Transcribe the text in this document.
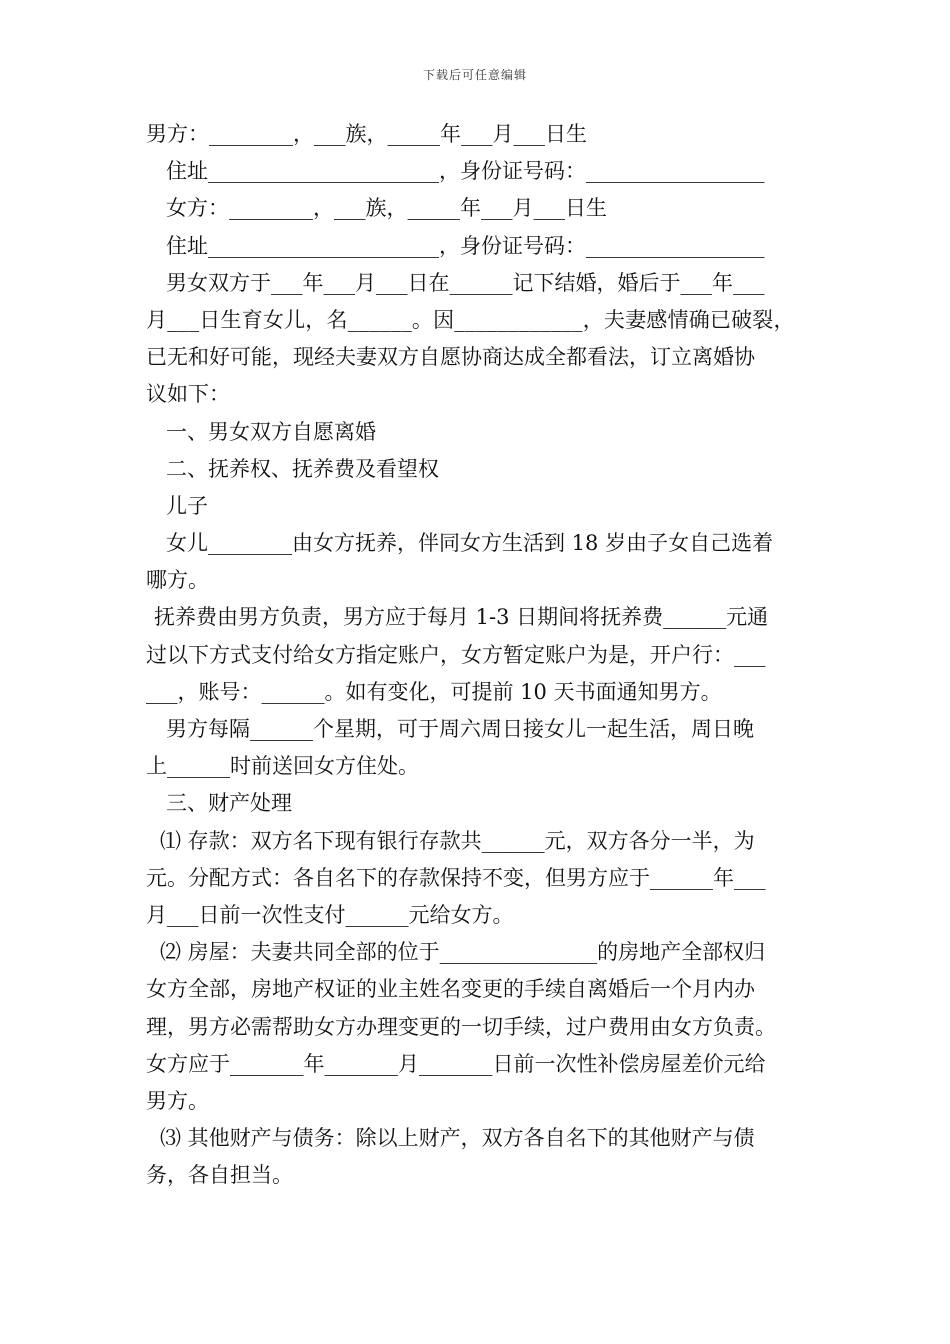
下载后可任意编辑
男方：________，___族，_____年___月___日生
住址______________________，身份证号码：_________________
女方：________，___族，_____年___月___日生
住址______________________，身份证号码：_________________
男女双方于___年___月___日在______记下结婚，婚后于___年___
月___日生育女儿，名______。因____________，夫妻感情确已破裂，
已无和好可能，现经夫妻双方自愿协商达成全都看法，订立离婚协
议如下：
一、男女双方自愿离婚
二、抚养权、抚养费及看望权
儿子
女儿________由女方抚养，伴同女方生活到 18 岁由子女自己选着
哪方。
抚养费由男方负责，男方应于每月 1-3 日期间将抚养费______元通
过以下方式支付给女方指定账户，女方暂定账户为是，开户行：___
___，账号：______。如有变化，可提前 10 天书面通知男方。
男方每隔______个星期，可于周六周日接女儿一起生活，周日晚
上______时前送回女方住处。
三、财产处理
⑴ 存款：双方名下现有银行存款共______元，双方各分一半，为
元。分配方式：各自名下的存款保持不变，但男方应于______年___
月___日前一次性支付______元给女方。
⑵ 房屋：夫妻共同全部的位于_______________的房地产全部权归
女方全部，房地产权证的业主姓名变更的手续自离婚后一个月内办
理，男方必需帮助女方办理变更的一切手续，过户费用由女方负责。
女方应于_______年_______月_______日前一次性补偿房屋差价元给
男方。
⑶ 其他财产与债务：除以上财产，双方各自名下的其他财产与债
务，各自担当。
